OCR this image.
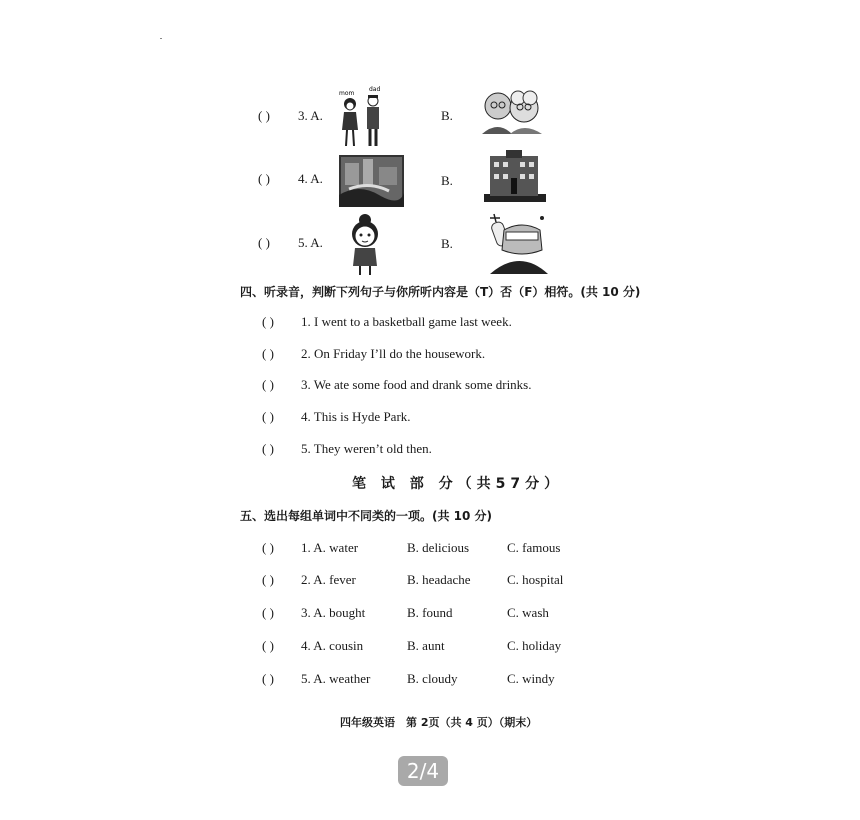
( ) 3. A.	B.
( ) 4. A.	B.
( ) 5. A.	B.
mom
dad
四、听录音，判断下列句子与你所听内容是（T）否（F）相符。(共 10 分)
( ) 1. I went to a basketball game last week.
( ) 2. On Friday I’ll do the housework.
( ) 3. We ate some food and drank some drinks.
( ) 4. This is Hyde Park.
( ) 5. They weren’t old then.
笔 试 部 分（共57分）
五、选出每组单词中不同类的一项。(共 10 分)
( ) 1. A. water	B. delicious	C. famous
( ) 2. A. fever	B. headache	C. hospital
( ) 3. A. bought	B. found	C. wash
( ) 4. A. cousin	B. aunt	C. holiday
( ) 5. A. weather	B. cloudy	C. windy
四年级英语　第 2页（共 4 页）（期末）
2/4
